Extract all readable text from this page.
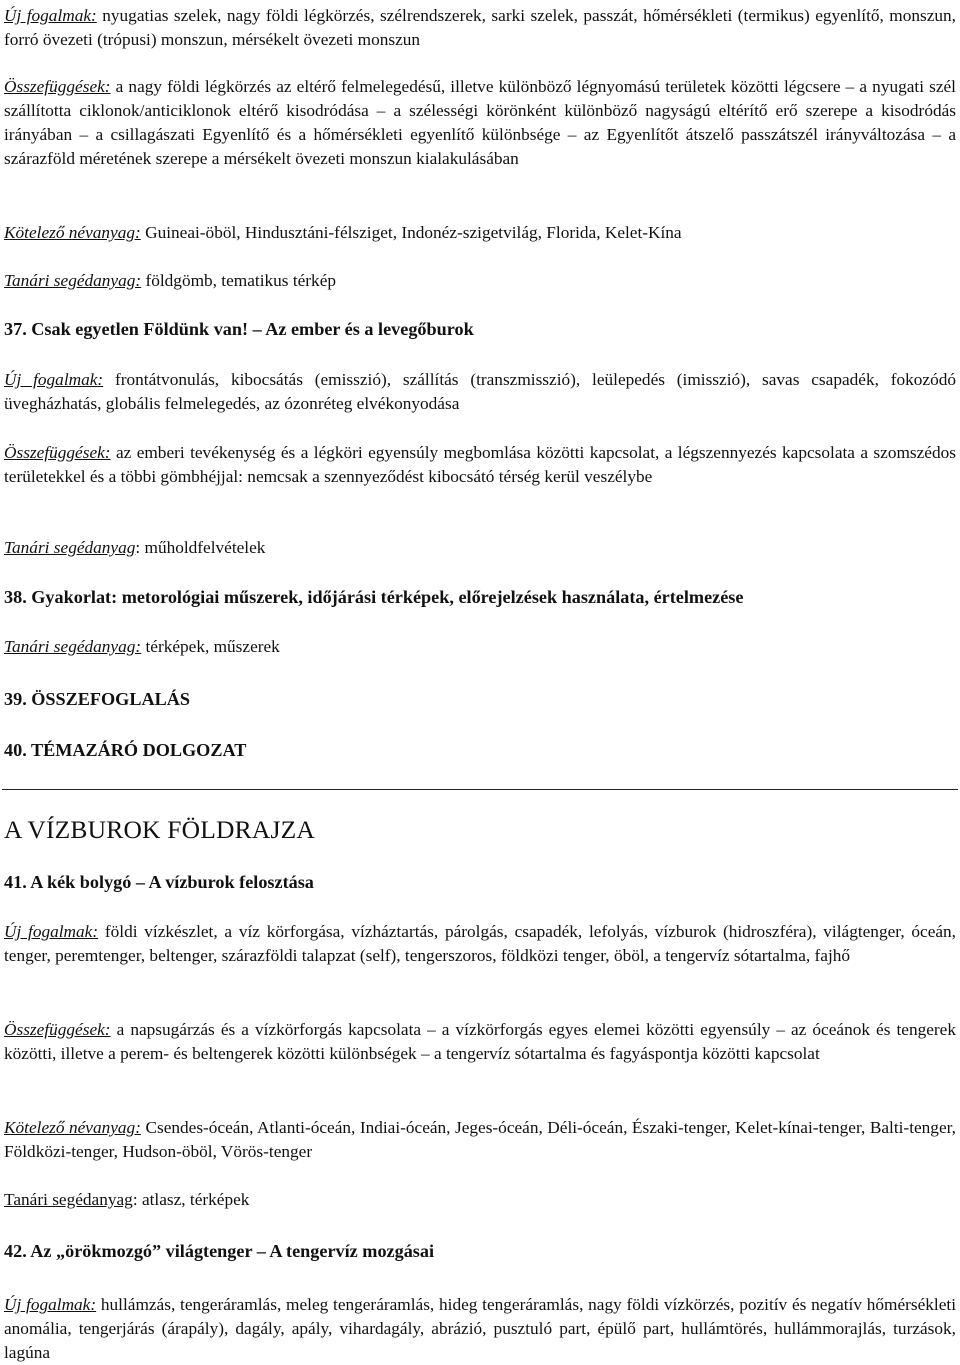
Új fogalmak: nyugatias szelek, nagy földi légkörzés, szélrendszerek, sarki szelek, passzát, hőmérsékleti (termikus) egyenlítő, monszun, forró övezeti (trópusi) monszun, mérsékelt övezeti monszun

Összefüggések: a nagy földi légkörzés az eltérő felmelegedésű, illetve különböző légnyomású területek közötti légcsere – a nyugati szél szállította ciklonok/anticiklonok eltérő kisodródása – a szélességi körönként különböző nagyságú eltérítő erő szerepe a kisodródás irányában – a csillagászati Egyenlítő és a hőmérsékleti egyenlítő különbsége – az Egyenlítőt átszelő passzátszél irányváltozása – a szárazföld méretének szerepe a mérsékelt övezeti monszun kialakulásában

Kötelező névanyag: Guineai-öböl, Hindusztáni-félsziget, Indonéz-szigetvilág, Florida, Kelet-Kína

Tanári segédanyag: földgömb, tematikus térkép

37. Csak egyetlen Földünk van! – Az ember és a levegőburok

Új fogalmak: frontátvonulás, kibocsátás (emisszió), szállítás (transzmisszió), leülepedés (imisszió), savas csapadék, fokozódó üvegházhatás, globális felmelegedés, az ózonréteg elvékonyodása

Összefüggések: az emberi tevékenység és a légköri egyensúly megbomlása közötti kapcsolat, a légszennyezés kapcsolata a szomszédos területekkel és a többi gömbhéjjal: nemcsak a szennyeződést kibocsátó térség kerül veszélybe

Tanári segédanyag: műholdfelvételek

38. Gyakorlat: metorológiai műszerek, időjárási térképek, előrejelzések használata, értelmezése

Tanári segédanyag: térképek, műszerek

39. ÖSSZEFOGLALÁS
40. TÉMAZÁRÓ DOLGOZAT
A VÍZBUROK FÖLDRAJZA
41. A kék bolygó – A vízburok felosztása

Új fogalmak: földi vízkészlet, a víz körforgása, vízháztartás, párolgás, csapadék, lefolyás, vízburok (hidroszféra), világtenger, óceán, tenger, peremtenger, beltenger, szárazföldi talapzat (self), tengerszoros, földközi tenger, öböl, a tengervíz sótartalma, fajhő

Összefüggések: a napsugárzás és a vízkörforgás kapcsolata – a vízkörforgás egyes elemei közötti egyensúly – az óceánok és tengerek közötti, illetve a perem- és beltengerek közötti különbségek – a tengervíz sótartalma és fagyáspontja közötti kapcsolat

Kötelező névanyag: Csendes-óceán, Atlanti-óceán, Indiai-óceán, Jeges-óceán, Déli-óceán, Északi-tenger, Kelet-kínai-tenger, Balti-tenger, Földközi-tenger, Hudson-öböl, Vörös-tenger

Tanári segédanyag: atlasz, térképek

42. Az „örökmozgó” világtenger – A tengervíz mozgásai

Új fogalmak: hullámzás, tengeráramlás, meleg tengeráramlás, hideg tengeráramlás, nagy földi vízkörzés, pozitív és negatív hőmérsékleti anomália, tengerjárás (árapály), dagály, apály, vihardagály, abrázió, pusztuló part, épülő part, hullámtörés, hullámmorajlás, turzások, lagúna
